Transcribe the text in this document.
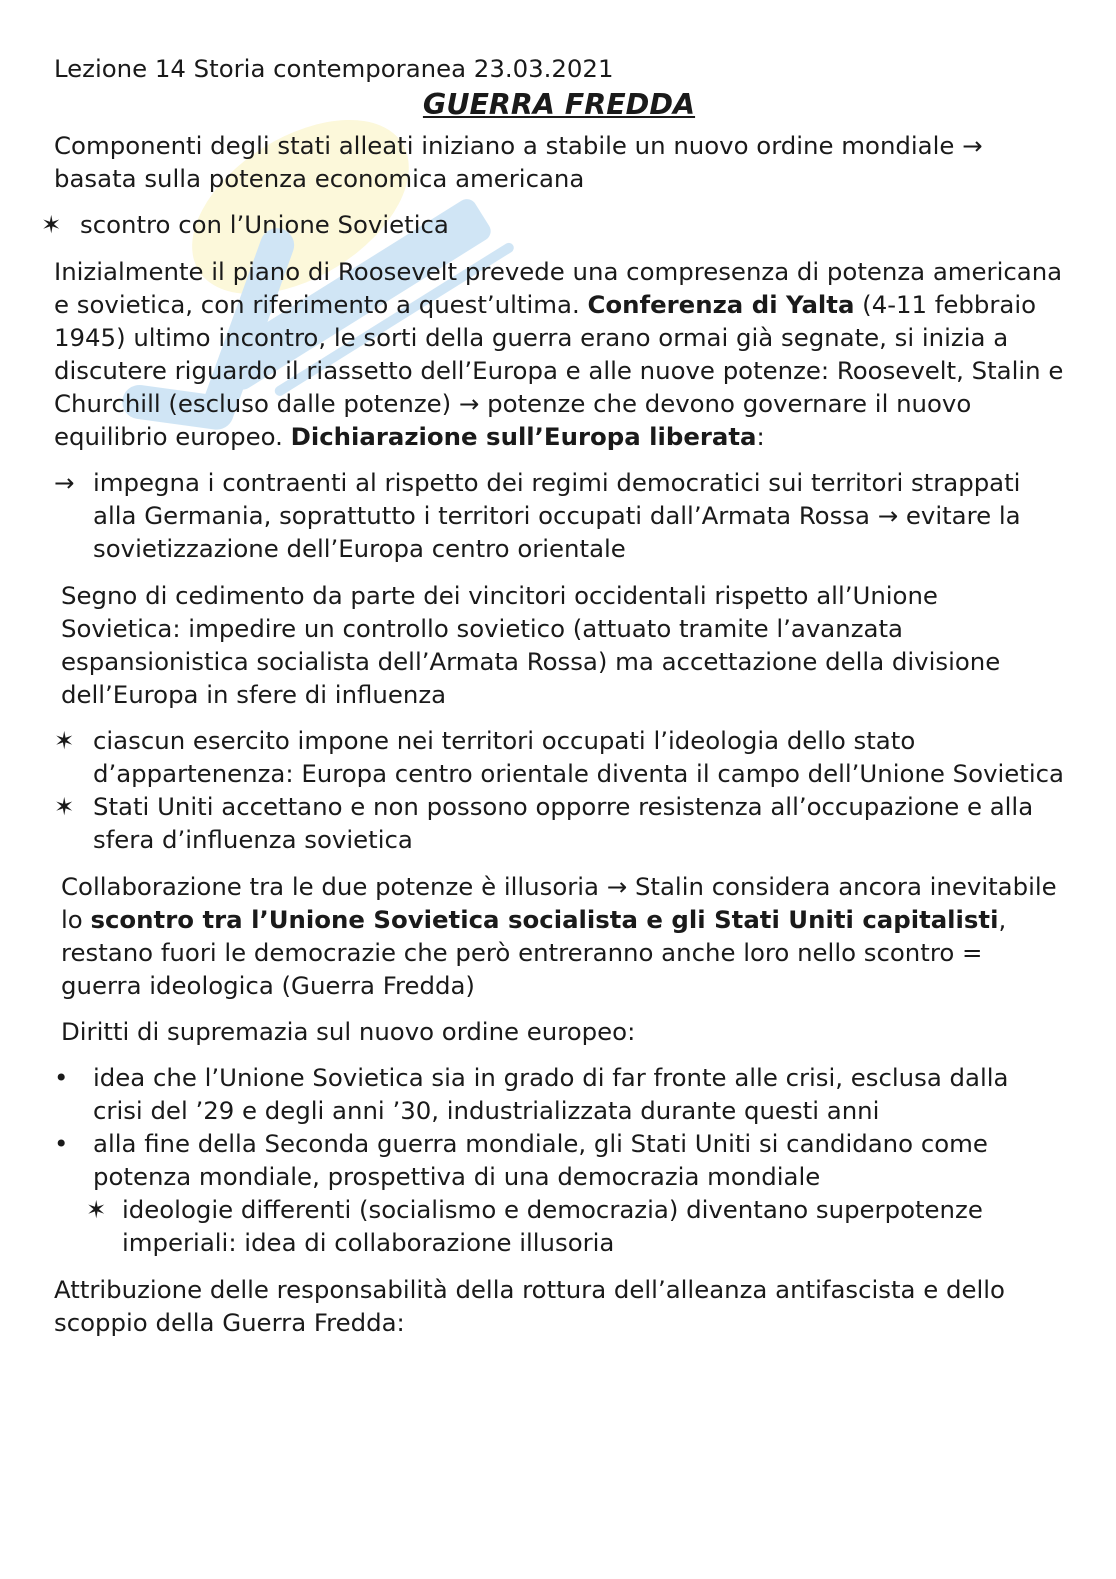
Lezione 14 Storia contemporanea 23.03.2021

GUERRA FREDDA

Componenti degli stati alleati iniziano a stabile un nuovo ordine mondiale → basata sulla potenza economica americana

✶ scontro con l’Unione Sovietica

Inizialmente il piano di Roosevelt prevede una compresenza di potenza americana e sovietica, con riferimento a quest’ultima. Conferenza di Yalta (4-11 febbraio 1945) ultimo incontro, le sorti della guerra erano ormai già segnate, si inizia a discutere riguardo il riassetto dell’Europa e alle nuove potenze: Roosevelt, Stalin e Churchill (escluso dalle potenze) → potenze che devono governare il nuovo equilibrio europeo. Dichiarazione sull’Europa liberata:

→ impegna i contraenti al rispetto dei regimi democratici sui territori strappati alla Germania, soprattutto i territori occupati dall’Armata Rossa → evitare la sovietizzazione dell’Europa centro orientale

Segno di cedimento da parte dei vincitori occidentali rispetto all’Unione Sovietica: impedire un controllo sovietico (attuato tramite l’avanzata espansionistica socialista dell’Armata Rossa) ma accettazione della divisione dell’Europa in sfere di influenza

✶ ciascun esercito impone nei territori occupati l’ideologia dello stato d’appartenenza: Europa centro orientale diventa il campo dell’Unione Sovietica
✶ Stati Uniti accettano e non possono opporre resistenza all’occupazione e alla sfera d’influenza sovietica

Collaborazione tra le due potenze è illusoria → Stalin considera ancora inevitabile lo scontro tra l’Unione Sovietica socialista e gli Stati Uniti capitalisti, restano fuori le democrazie che però entreranno anche loro nello scontro = guerra ideologica (Guerra Fredda)

Diritti di supremazia sul nuovo ordine europeo:

•	idea che l’Unione Sovietica sia in grado di far fronte alle crisi, esclusa dalla crisi del ’29 e degli anni ’30, industrializzata durante questi anni
•	alla fine della Seconda guerra mondiale, gli Stati Uniti si candidano come potenza mondiale, prospettiva di una democrazia mondiale
✶ ideologie differenti (socialismo e democrazia) diventano superpotenze imperiali: idea di collaborazione illusoria

Attribuzione delle responsabilità della rottura dell’alleanza antifascista e dello scoppio della Guerra Fredda:
